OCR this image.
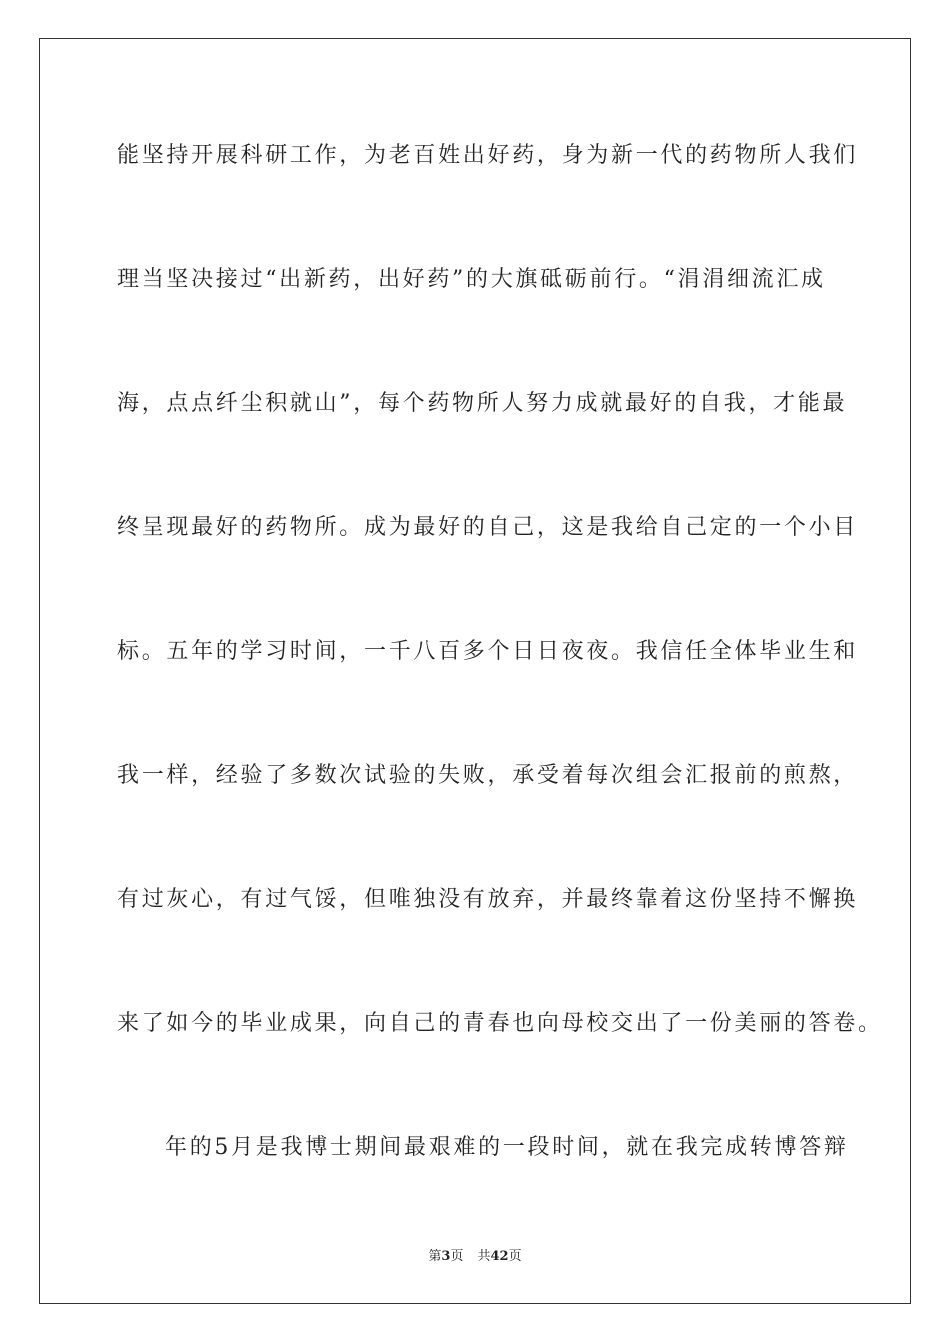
能坚持开展科研工作，为老百姓出好药，身为新一代的药物所人我们
理当坚决接过“出新药，出好药”的大旗砥砺前行。“涓涓细流汇成
海，点点纤尘积就山”，每个药物所人努力成就最好的自我，才能最
终呈现最好的药物所。成为最好的自己，这是我给自己定的一个小目
标。五年的学习时间，一千八百多个日日夜夜。我信任全体毕业生和
我一样，经验了多数次试验的失败，承受着每次组会汇报前的煎熬，
有过灰心，有过气馁，但唯独没有放弃，并最终靠着这份坚持不懈换
来了如今的毕业成果，向自己的青春也向母校交出了一份美丽的答卷。
年的5月是我博士期间最艰难的一段时间，就在我完成转博答辩
第3页 共42页
